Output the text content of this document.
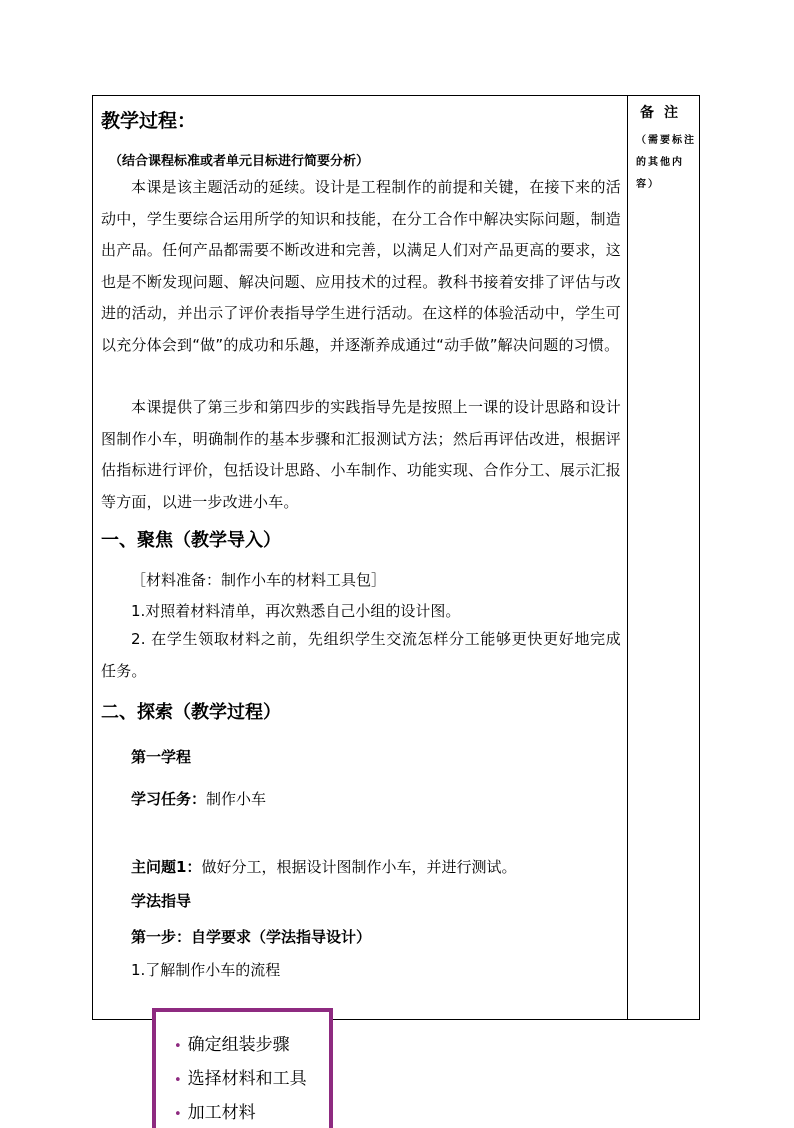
教学过程：
（结合课程标准或者单元目标进行简要分析）
本课是该主题活动的延续。设计是工程制作的前提和关键，在接下来的活动中，学生要综合运用所学的知识和技能，在分工合作中解决实际问题，制造出产品。任何产品都需要不断改进和完善，以满足人们对产品更高的要求，这也是不断发现问题、解决问题、应用技术的过程。教科书接着安排了评估与改进的活动，并出示了评价表指导学生进行活动。在这样的体验活动中，学生可以充分体会到“做”的成功和乐趣，并逐渐养成通过“动手做”解决问题的习惯。
本课提供了第三步和第四步的实践指导先是按照上一课的设计思路和设计图制作小车，明确制作的基本步骤和汇报测试方法；然后再评估改进，根据评估指标进行评价，包括设计思路、小车制作、功能实现、合作分工、展示汇报等方面，以进一步改进小车。
一、聚焦（教学导入）
［材料准备：制作小车的材料工具包］
1.对照着材料清单，再次熟悉自己小组的设计图。
2. 在学生领取材料之前，先组织学生交流怎样分工能够更快更好地完成任务。
二、探索（教学过程）
第一学程
学习任务：制作小车
主问题1：做好分工，根据设计图制作小车，并进行测试。
学法指导
第一步：自学要求（学法指导设计）
1.了解制作小车的流程
备注
（需要标注的其他内容）
• 确定组装步骤
• 选择材料和工具
• 加工材料
